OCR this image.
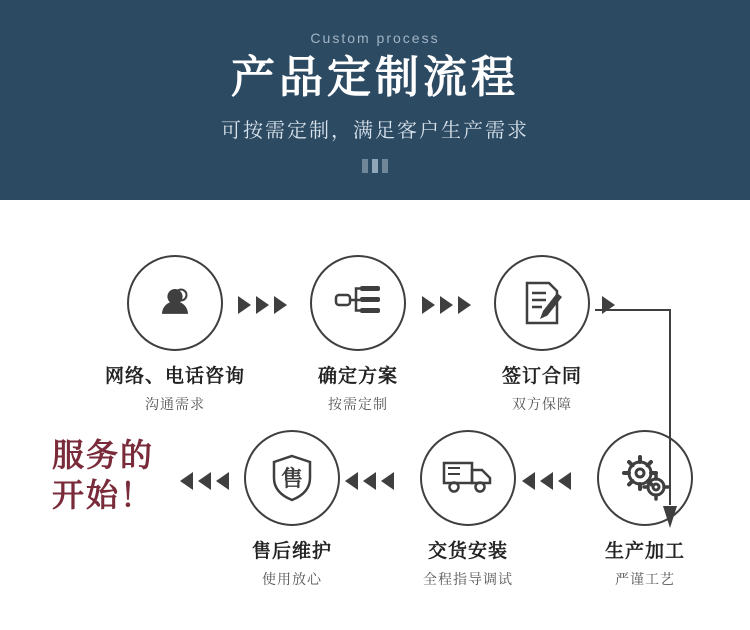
Custom process
产品定制流程
可按需定制，满足客户生产需求
网络、电话咨询
沟通需求
确定方案
按需定制
签订合同
双方保障
生产加工
严谨工艺
交货安装
全程指导调试
售
售后维护
使用放心
服务的
开始！
